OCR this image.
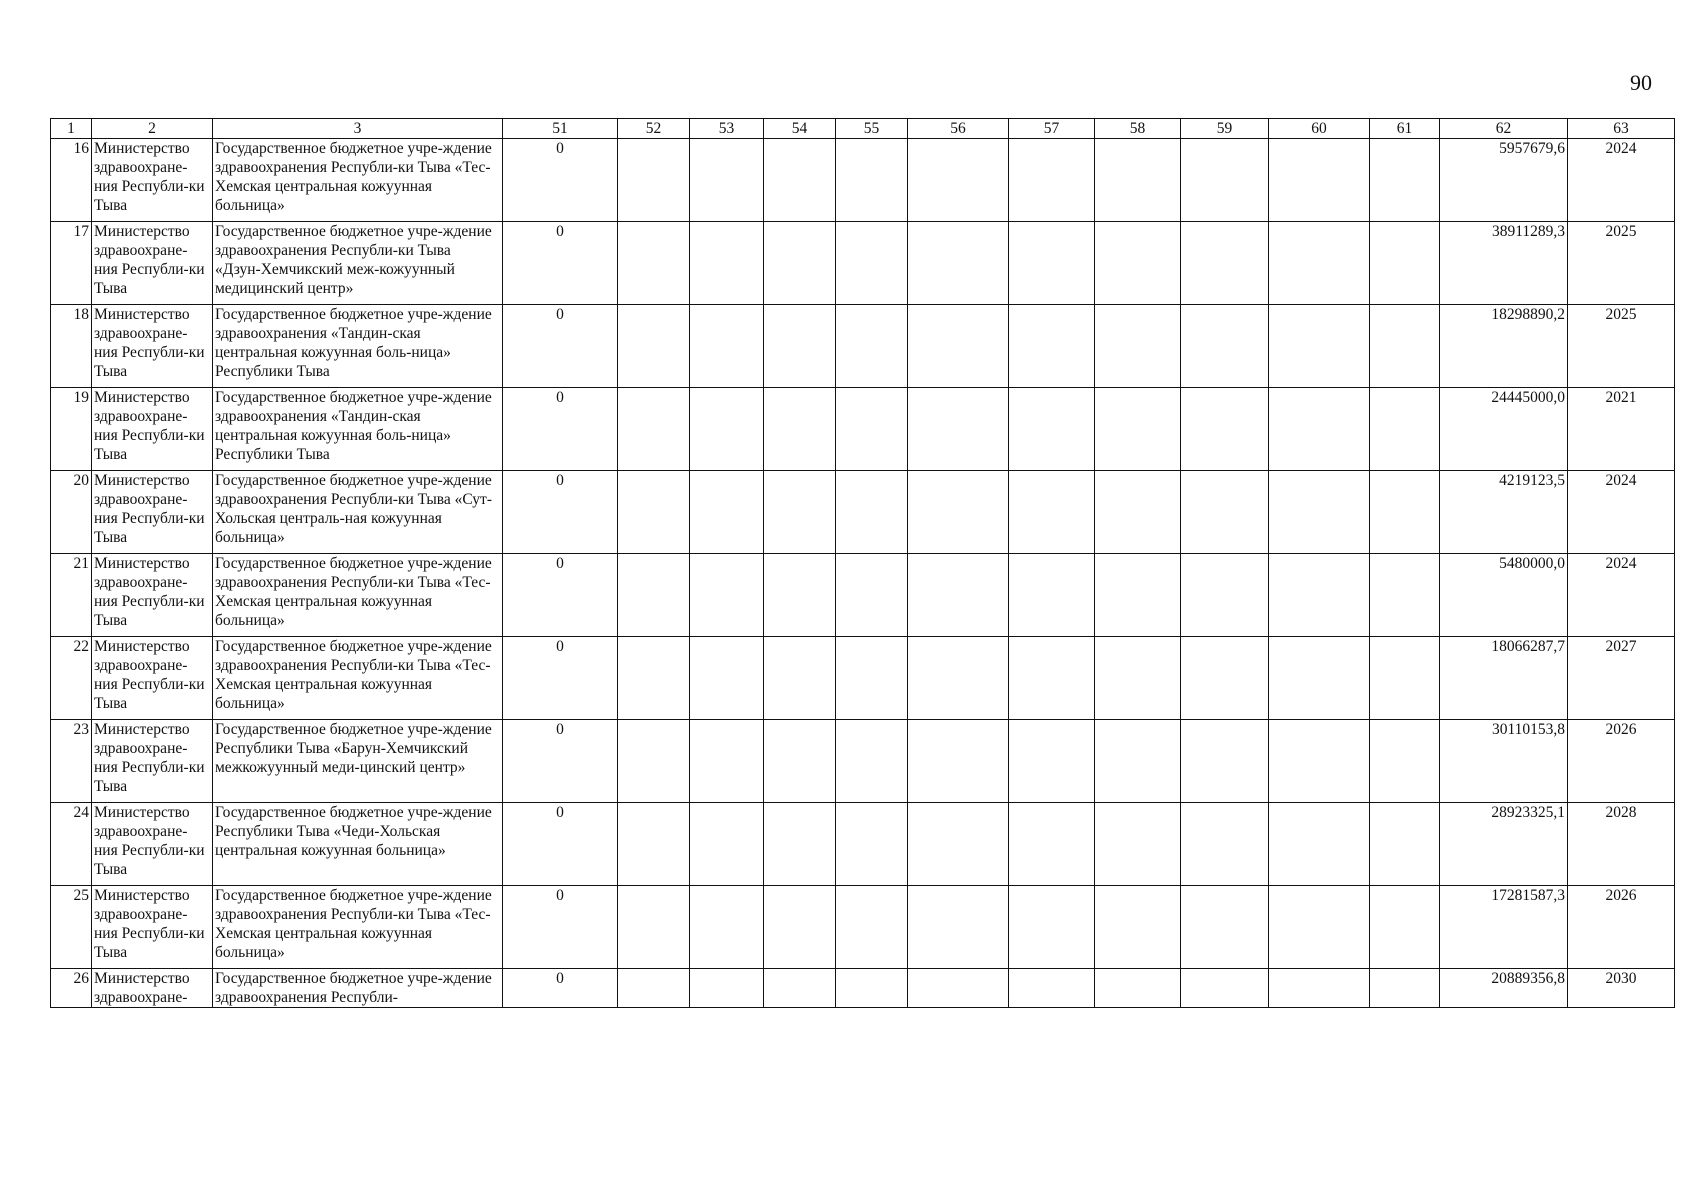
90
1	2	3	51	52	53	54	55	56	57	58	59	60	61	62	63
16	Министерство здравоохране-ния Республи-ки Тыва	Государственное бюджетное учре-ждение здравоохранения Республи-ки Тыва «Тес-Хемская центральная кожуунная больница»	0											5957679,6	2024
17	Министерство здравоохране-ния Республи-ки Тыва	Государственное бюджетное учре-ждение здравоохранения Республи-ки Тыва «Дзун-Хемчикский меж-кожуунный медицинский центр»	0											38911289,3	2025
18	Министерство здравоохране-ния Республи-ки Тыва	Государственное бюджетное учре-ждение здравоохранения «Тандин-ская центральная кожуунная боль-ница» Республики Тыва	0											18298890,2	2025
19	Министерство здравоохране-ния Республи-ки Тыва	Государственное бюджетное учре-ждение здравоохранения «Тандин-ская центральная кожуунная боль-ница» Республики Тыва	0											24445000,0	2021
20	Министерство здравоохране-ния Республи-ки Тыва	Государственное бюджетное учре-ждение здравоохранения Республи-ки Тыва «Сут-Хольская централь-ная кожуунная больница»	0											4219123,5	2024
21	Министерство здравоохране-ния Республи-ки Тыва	Государственное бюджетное учре-ждение здравоохранения Республи-ки Тыва «Тес-Хемская центральная кожуунная больница»	0											5480000,0	2024
22	Министерство здравоохране-ния Республи-ки Тыва	Государственное бюджетное учре-ждение здравоохранения Республи-ки Тыва «Тес-Хемская центральная кожуунная больница»	0											18066287,7	2027
23	Министерство здравоохране-ния Республи-ки Тыва	Государственное бюджетное учре-ждение Республики Тыва «Барун-Хемчикский межкожуунный меди-цинский центр»	0											30110153,8	2026
24	Министерство здравоохране-ния Республи-ки Тыва	Государственное бюджетное учре-ждение Республики Тыва «Чеди-Хольская центральная кожуунная больница»	0											28923325,1	2028
25	Министерство здравоохране-ния Республи-ки Тыва	Государственное бюджетное учре-ждение здравоохранения Республи-ки Тыва «Тес-Хемская центральная кожуунная больница»	0											17281587,3	2026
26	Министерство здравоохране-	Государственное бюджетное учре-ждение здравоохранения Республи-	0											20889356,8	2030
